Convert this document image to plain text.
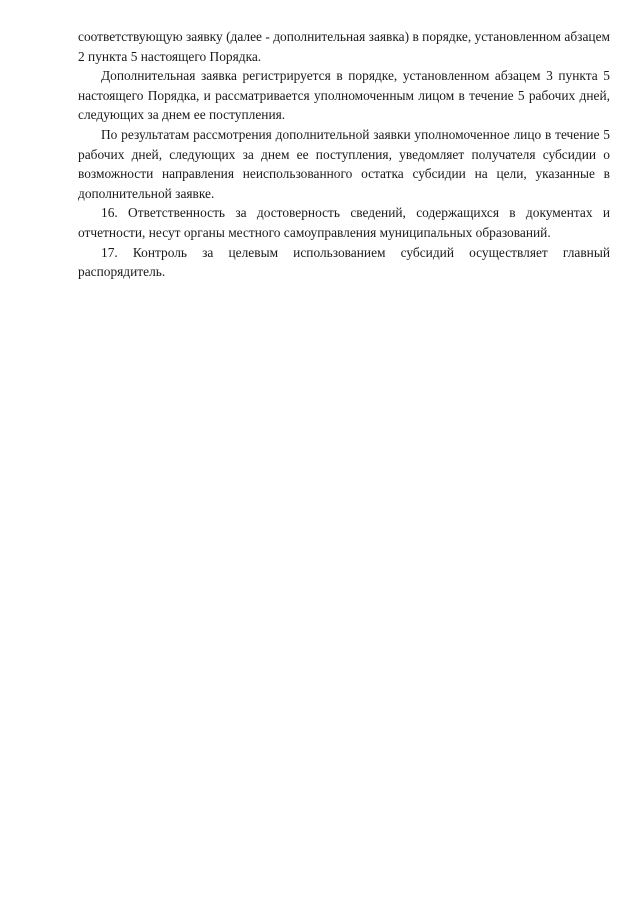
соответствующую заявку (далее - дополнительная заявка) в порядке, установленном абзацем 2 пункта 5 настоящего Порядка.

Дополнительная заявка регистрируется в порядке, установленном абзацем 3 пункта 5 настоящего Порядка, и рассматривается уполномоченным лицом в течение 5 рабочих дней, следующих за днем ее поступления.

По результатам рассмотрения дополнительной заявки уполномоченное лицо в течение 5 рабочих дней, следующих за днем ее поступления, уведомляет получателя субсидии о возможности направления неиспользованного остатка субсидии на цели, указанные в дополнительной заявке.

16. Ответственность за достоверность сведений, содержащихся в документах и отчетности, несут органы местного самоуправления муниципальных образований.

17. Контроль за целевым использованием субсидий осуществляет главный распорядитель.
